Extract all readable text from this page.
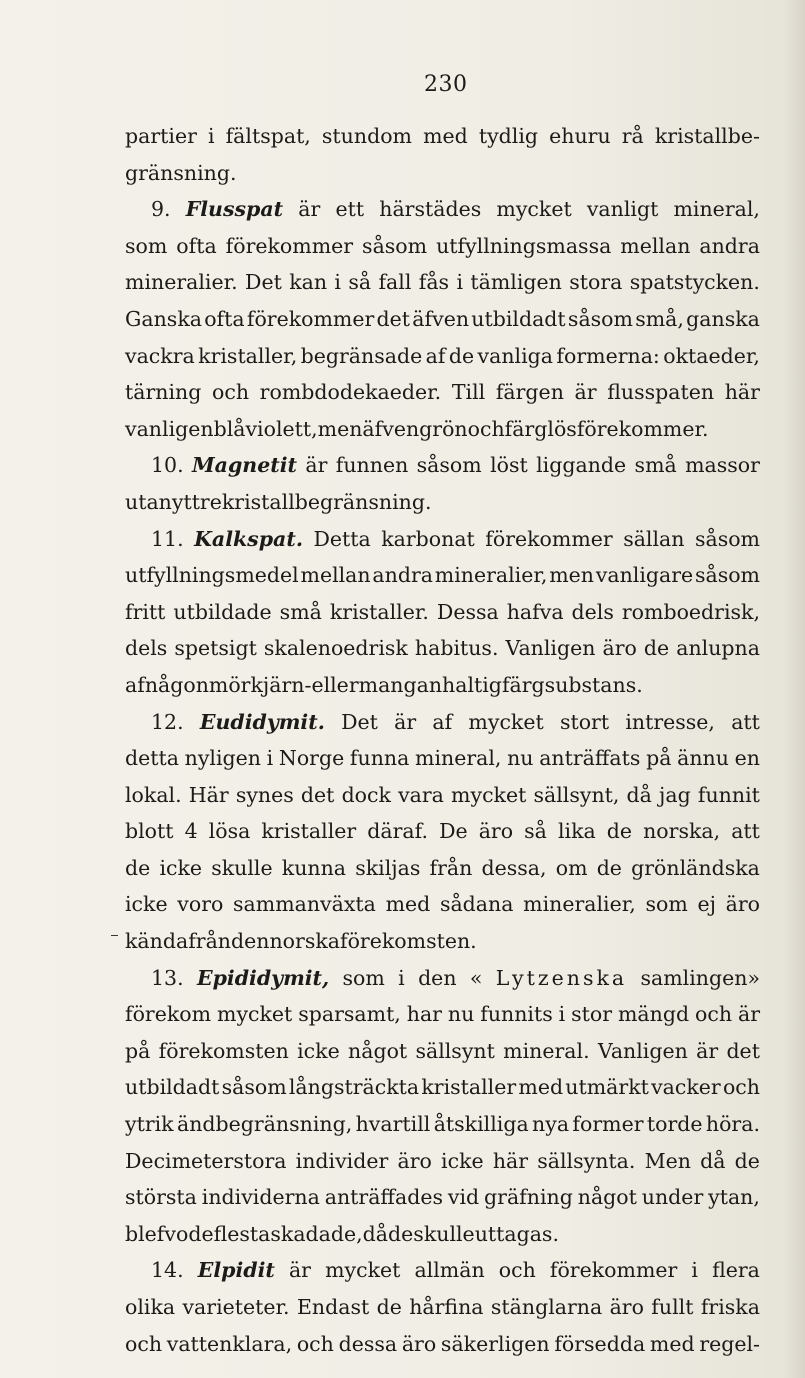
230
partier i fältspat, stundom med tydlig ehuru rå kristallbe-
gränsning.
9. Flusspat är ett härstädes mycket vanligt mineral,
som ofta förekommer såsom utfyllningsmassa mellan andra
mineralier. Det kan i så fall fås i tämligen stora spatstycken.
Ganska ofta förekommer det äfven utbildadt såsom små, ganska
vackra kristaller, begränsade af de vanliga formerna: oktaeder,
tärning och rombdodekaeder. Till färgen är flusspaten här
vanligen blåviolett, men äfven grön och färglös förekommer.
10. Magnetit är funnen såsom löst liggande små massor
utan yttre kristallbegränsning.
11. Kalkspat. Detta karbonat förekommer sällan såsom
utfyllningsmedel mellan andra mineralier, men vanligare såsom
fritt utbildade små kristaller. Dessa hafva dels romboedrisk,
dels spetsigt skalenoedrisk habitus. Vanligen äro de anlupna
af någon mörk järn- eller manganhaltig färgsubstans.
12. Eudidymit. Det är af mycket stort intresse, att
detta nyligen i Norge funna mineral, nu anträffats på ännu en
lokal. Här synes det dock vara mycket sällsynt, då jag funnit
blott 4 lösa kristaller däraf. De äro så lika de norska, att
de icke skulle kunna skiljas från dessa, om de grönländska
icke voro sammanväxta med sådana mineralier, som ej äro
kända från den norska förekomsten.
13. Epididymit, som i den « Lytzenska samlingen»
förekom mycket sparsamt, har nu funnits i stor mängd och är
på förekomsten icke något sällsynt mineral. Vanligen är det
utbildadt såsom långsträckta kristaller med utmärkt vacker och
ytrik ändbegränsning, hvartill åtskilliga nya former torde höra.
Decimeterstora individer äro icke här sällsynta. Men då de
största individerna anträffades vid gräfning något under ytan,
blefvo de flesta skadade, då de skulle uttagas.
14. Elpidit är mycket allmän och förekommer i flera
olika varieteter. Endast de hårfina stänglarna äro fullt friska
och vattenklara, och dessa äro säkerligen försedda med regel-
